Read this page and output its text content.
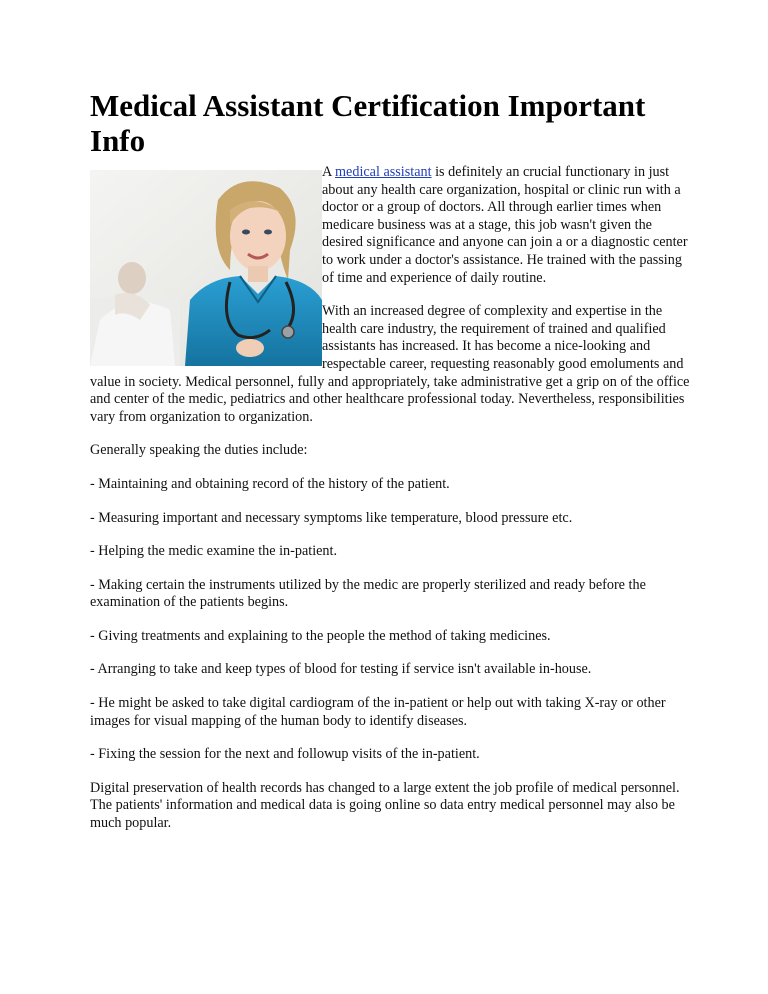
Medical Assistant Certification Important Info

A medical assistant is definitely an crucial functionary in just about any health care organization, hospital or clinic run with a doctor or a group of doctors. All through earlier times when medicare business was at a stage, this job wasn't given the desired significance and anyone can join a or a diagnostic center to work under a doctor's assistance. He trained with the passing of time and experience of daily routine.

With an increased degree of complexity and expertise in the health care industry, the requirement of trained and qualified assistants has increased. It has become a nice-looking and respectable career, requesting reasonably good emoluments and value in society. Medical personnel, fully and appropriately, take administrative get a grip on of the office and center of the medic, pediatrics and other healthcare professional today. Nevertheless, responsibilities vary from organization to organization.

Generally speaking the duties include:

- Maintaining and obtaining record of the history of the patient.

- Measuring important and necessary symptoms like temperature, blood pressure etc.

- Helping the medic examine the in-patient.

- Making certain the instruments utilized by the medic are properly sterilized and ready before the examination of the patients begins.

- Giving treatments and explaining to the people the method of taking medicines.

- Arranging to take and keep types of blood for testing if service isn't available in-house.

- He might be asked to take digital cardiogram of the in-patient or help out with taking X-ray or other images for visual mapping of the human body to identify diseases.

- Fixing the session for the next and followup visits of the in-patient.

Digital preservation of health records has changed to a large extent the job profile of medical personnel. The patients' information and medical data is going online so data entry medical personnel may also be much popular.
